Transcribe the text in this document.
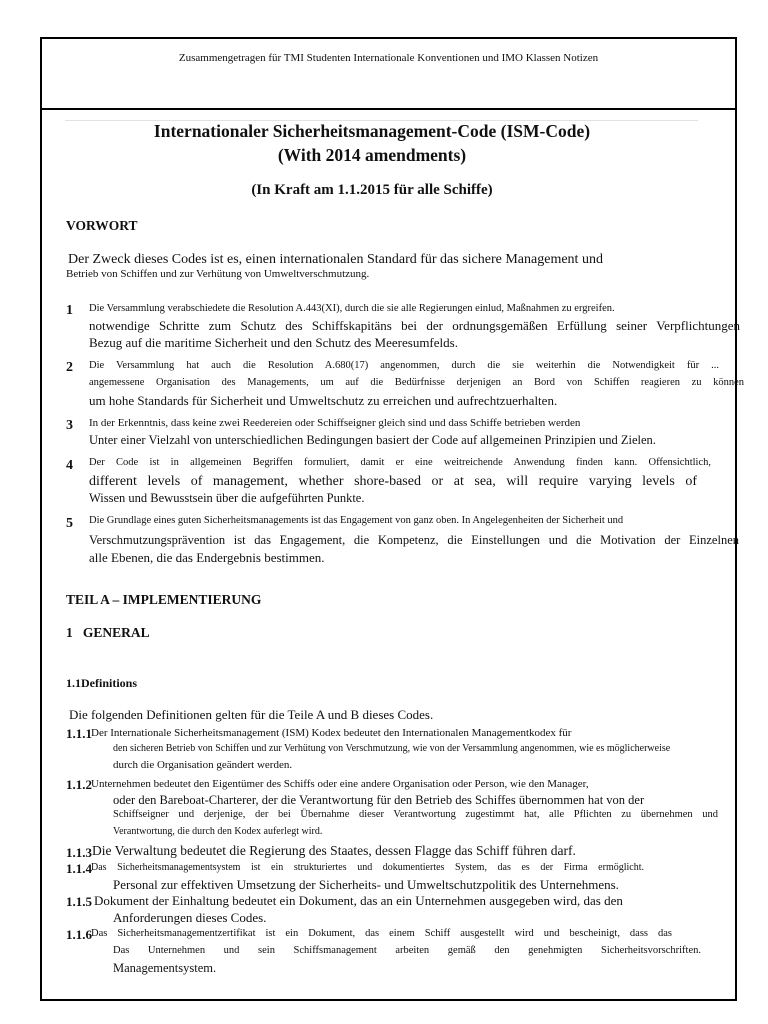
Zusammengetragen für TMI Studenten Internationale Konventionen und IMO Klassen Notizen
Internationaler Sicherheitsmanagement-Code (ISM-Code)
(With 2014 amendments)
(In Kraft am 1.1.2015 für alle Schiffe)
VORWORT
Der Zweck dieses Codes ist es, einen internationalen Standard für das sichere Management und
Betrieb von Schiffen und zur Verhütung von Umweltverschmutzung.
1 Die Versammlung verabschiedete die Resolution A.443(XI), durch die sie alle Regierungen einlud, Maßnahmen zu ergreifen.
notwendige Schritte zum Schutz des Schiffskapitäns bei der ordnungsgemäßen Erfüllung seiner Verpflichtungen
Bezug auf die maritime Sicherheit und den Schutz des Meeresumfelds.
2 Die Versammlung hat auch die Resolution A.680(17) angenommen, durch die sie weiterhin die Notwendigkeit für ...
angemessene Organisation des Managements, um auf die Bedürfnisse derjenigen an Bord von Schiffen reagieren zu können
um hohe Standards für Sicherheit und Umweltschutz zu erreichen und aufrechtzuerhalten.
3 In der Erkenntnis, dass keine zwei Reedereien oder Schiffseigner gleich sind und dass Schiffe betrieben werden
Unter einer Vielzahl von unterschiedlichen Bedingungen basiert der Code auf allgemeinen Prinzipien und Zielen.
4 Der Code ist in allgemeinen Begriffen formuliert, damit er eine weitreichende Anwendung finden kann. Offensichtlich,
different levels of management, whether shore-based or at sea, will require varying levels of
Wissen und Bewusstsein über die aufgeführten Punkte.
5 Die Grundlage eines guten Sicherheitsmanagements ist das Engagement von ganz oben. In Angelegenheiten der Sicherheit und
Verschmutzungsprävention ist das Engagement, die Kompetenz, die Einstellungen und die Motivation der Einzelnen
alle Ebenen, die das Endergebnis bestimmen.
TEIL A – IMPLEMENTIERUNG
1   GENERAL
1.1Definitions
Die folgenden Definitionen gelten für die Teile A und B dieses Codes.
1.1.1 Der Internationale Sicherheitsmanagement (ISM) Kodex bedeutet den Internationalen Managementkodex für
den sicheren Betrieb von Schiffen und zur Verhütung von Verschmutzung, wie von der Versammlung angenommen, wie es möglicherweise
durch die Organisation geändert werden.
1.1.2 Unternehmen bedeutet den Eigentümer des Schiffs oder eine andere Organisation oder Person, wie den Manager,
oder den Bareboat-Charterer, der die Verantwortung für den Betrieb des Schiffes übernommen hat von der
Schiffseigner und derjenige, der bei Übernahme dieser Verantwortung zugestimmt hat, alle Pflichten zu übernehmen und
Verantwortung, die durch den Kodex auferlegt wird.
1.1.3 Die Verwaltung bedeutet die Regierung des Staates, dessen Flagge das Schiff führen darf.
1.1.4 Das Sicherheitsmanagementsystem ist ein strukturiertes und dokumentiertes System, das es der Firma ermöglicht.
Personal zur effektiven Umsetzung der Sicherheits- und Umweltschutzpolitik des Unternehmens.
1.1.5 Dokument der Einhaltung bedeutet ein Dokument, das an ein Unternehmen ausgegeben wird, das den
Anforderungen dieses Codes.
1.1.6 Das Sicherheitsmanagementzertifikat ist ein Dokument, das einem Schiff ausgestellt wird und bescheinigt, dass das
Das Unternehmen und sein Schiffsmanagement arbeiten gemäß den genehmigten Sicherheitsvorschriften.
Managementsystem.
